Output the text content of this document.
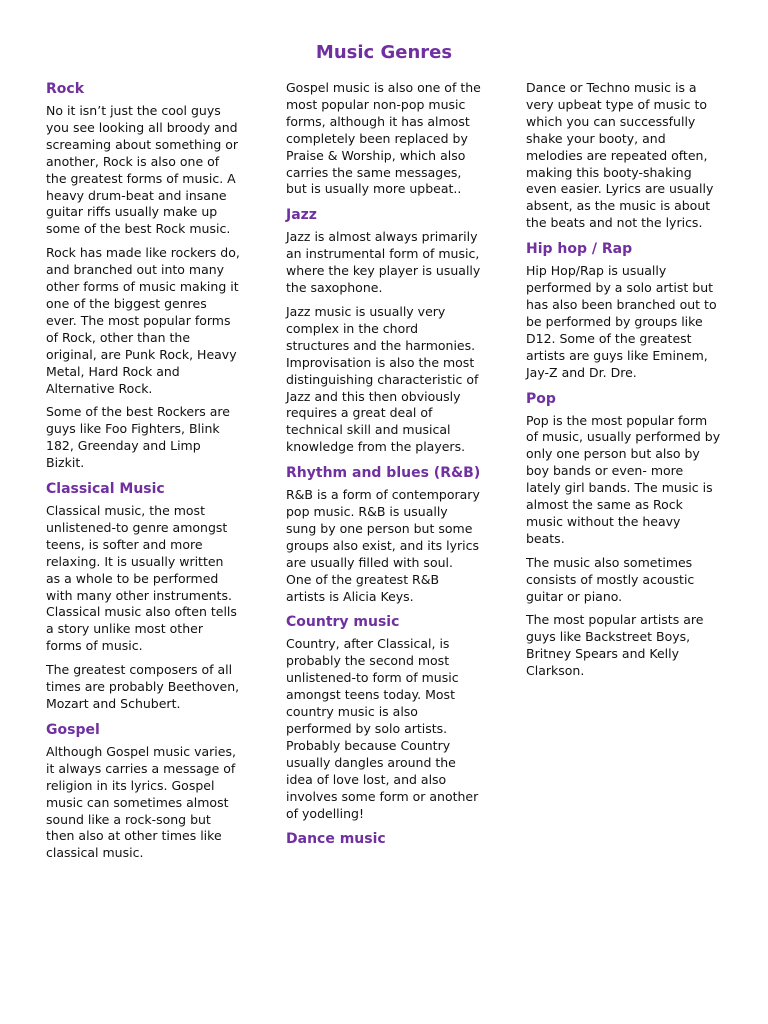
Music Genres
Rock

No it isn’t just the cool guys you see looking all broody and screaming about something or another, Rock is also one of the greatest forms of music. A heavy drum-beat and insane guitar riffs usually make up some of the best Rock music.

Rock has made like rockers do, and branched out into many other forms of music making it one of the biggest genres ever. The most popular forms of Rock, other than the original, are Punk Rock, Heavy Metal, Hard Rock and Alternative Rock.

Some of the best Rockers are guys like Foo Fighters, Blink 182, Greenday and Limp Bizkit.

Classical Music

Classical music, the most unlistened-to genre amongst teens, is softer and more relaxing. It is usually written as a whole to be performed with many other instruments. Classical music also often tells a story unlike most other forms of music.

The greatest composers of all times are probably Beethoven, Mozart and Schubert.

Gospel

Although Gospel music varies, it always carries a message of religion in its lyrics. Gospel music can sometimes almost sound like a rock-song but then also at other times like classical music.

Gospel music is also one of the most popular non-pop music forms, although it has almost completely been replaced by Praise & Worship, which also carries the same messages, but is usually more upbeat..

Jazz

Jazz is almost always primarily an instrumental form of music, where the key player is usually the saxophone.

Jazz music is usually very complex in the chord structures and the harmonies. Improvisation is also the most distinguishing characteristic of Jazz and this then obviously requires a great deal of technical skill and musical knowledge from the players.

Rhythm and blues (R&B)

R&B is a form of contemporary pop music. R&B is usually sung by one person but some groups also exist, and its lyrics are usually filled with soul. One of the greatest R&B artists is Alicia Keys.

Country music

Country, after Classical, is probably the second most unlistened-to form of music amongst teens today. Most country music is also performed by solo artists. Probably because Country usually dangles around the idea of love lost, and also involves some form or another of yodelling!

Dance music

Dance or Techno music is a very upbeat type of music to which you can successfully shake your booty, and melodies are repeated often, making this booty-shaking even easier. Lyrics are usually absent, as the music is about the beats and not the lyrics.

Hip hop / Rap

Hip Hop/Rap is usually performed by a solo artist but has also been branched out to be performed by groups like D12. Some of the greatest artists are guys like Eminem, Jay-Z and Dr. Dre.

Pop

Pop is the most popular form of music, usually performed by only one person but also by boy bands or even- more lately girl bands. The music is almost the same as Rock music without the heavy beats.

The music also sometimes consists of mostly acoustic guitar or piano.

The most popular artists are guys like Backstreet Boys, Britney Spears and Kelly Clarkson.
